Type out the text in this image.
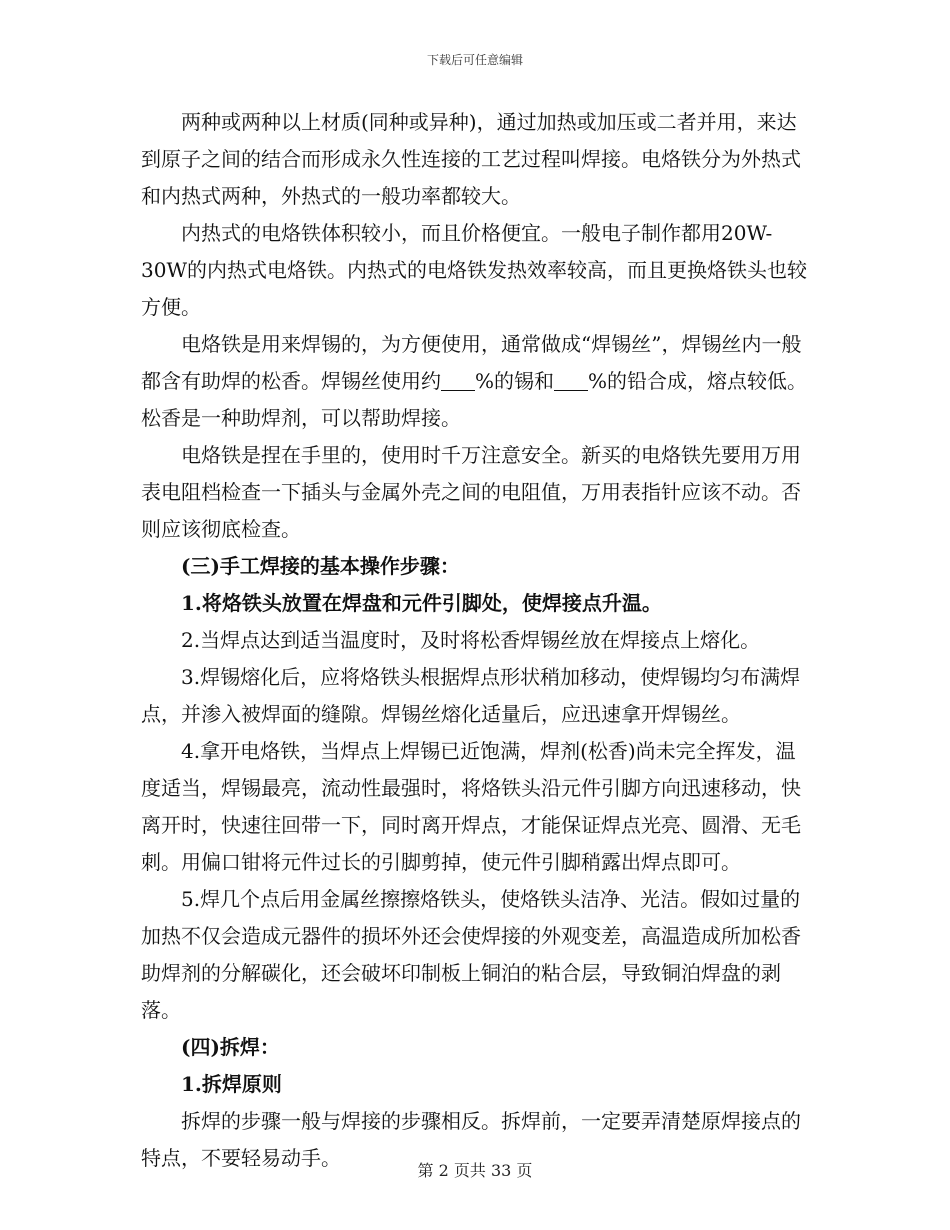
下载后可任意编辑

两种或两种以上材质(同种或异种)，通过加热或加压或二者并用，来达到原子之间的结合而形成永久性连接的工艺过程叫焊接。电烙铁分为外热式和内热式两种，外热式的一般功率都较大。

内热式的电烙铁体积较小，而且价格便宜。一般电子制作都用20W-30W的内热式电烙铁。内热式的电烙铁发热效率较高，而且更换烙铁头也较方便。

电烙铁是用来焊锡的，为方便使用，通常做成“焊锡丝”，焊锡丝内一般都含有助焊的松香。焊锡丝使用约 %的锡和 %的铅合成，熔点较低。松香是一种助焊剂，可以帮助焊接。

电烙铁是捏在手里的，使用时千万注意安全。新买的电烙铁先要用万用表电阻档检查一下插头与金属外壳之间的电阻值，万用表指针应该不动。否则应该彻底检查。

(三)手工焊接的基本操作步骤：

1.将烙铁头放置在焊盘和元件引脚处，使焊接点升温。

2.当焊点达到适当温度时，及时将松香焊锡丝放在焊接点上熔化。

3.焊锡熔化后，应将烙铁头根据焊点形状稍加移动，使焊锡均匀布满焊点，并渗入被焊面的缝隙。焊锡丝熔化适量后，应迅速拿开焊锡丝。

4.拿开电烙铁，当焊点上焊锡已近饱满，焊剂(松香)尚未完全挥发，温度适当，焊锡最亮，流动性最强时，将烙铁头沿元件引脚方向迅速移动，快离开时，快速往回带一下，同时离开焊点，才能保证焊点光亮、圆滑、无毛刺。用偏口钳将元件过长的引脚剪掉，使元件引脚稍露出焊点即可。

5.焊几个点后用金属丝擦擦烙铁头，使烙铁头洁净、光洁。假如过量的加热不仅会造成元器件的损坏外还会使焊接的外观变差，高温造成所加松香助焊剂的分解碳化，还会破坏印制板上铜泊的粘合层，导致铜泊焊盘的剥落。

(四)拆焊：

1.拆焊原则

拆焊的步骤一般与焊接的步骤相反。拆焊前，一定要弄清楚原焊接点的特点，不要轻易动手。

第 2 页共 33 页
